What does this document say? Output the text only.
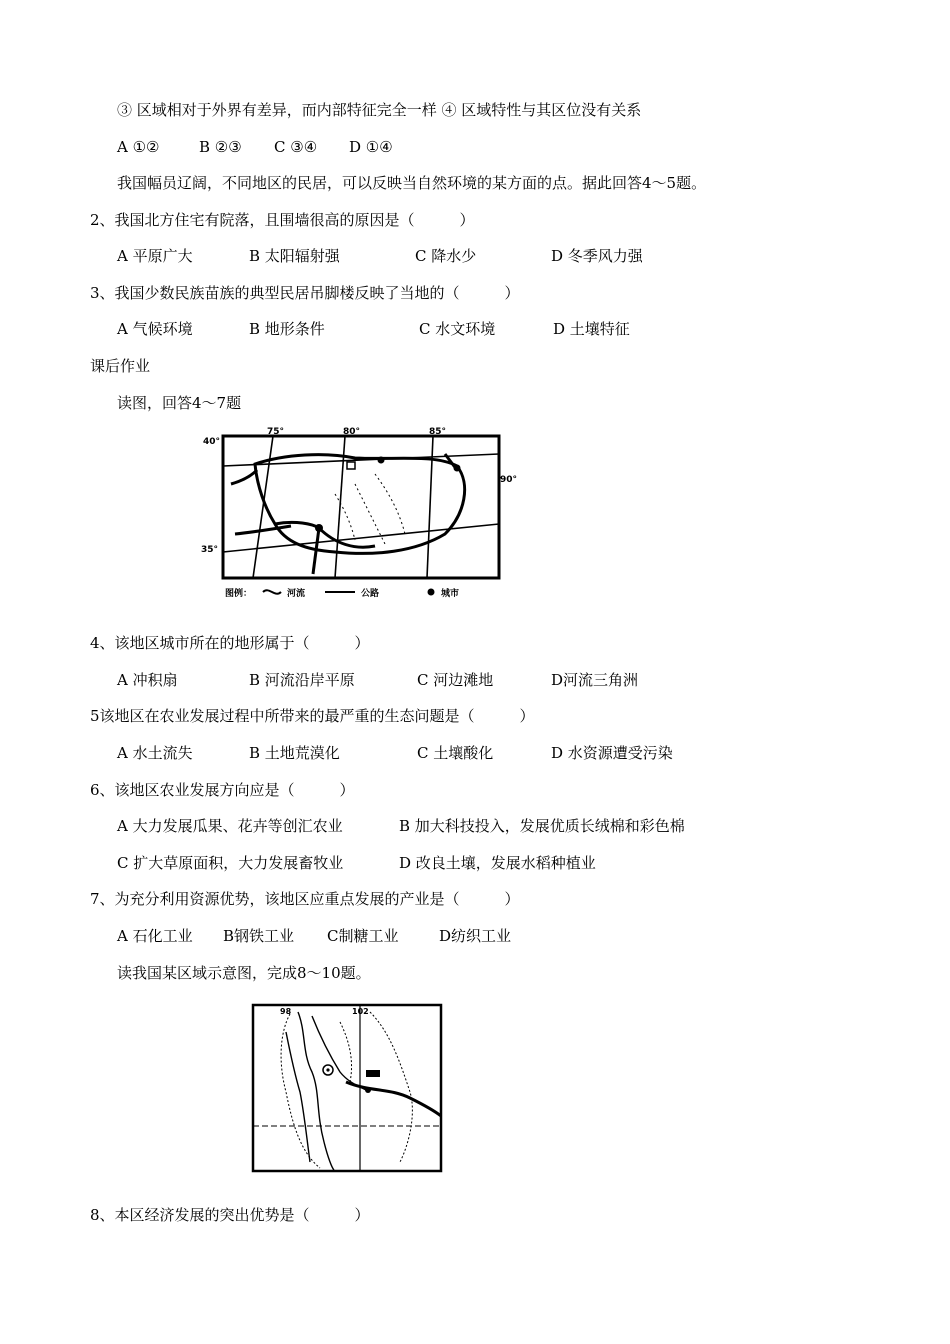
③ 区域相对于外界有差异，而内部特征完全一样 ④ 区域特性与其区位没有关系
A ①②	B ②③ C ③④ D ①④
我国幅员辽阔，不同地区的民居，可以反映当自然环境的某方面的点。据此回答4～5题。
2、我国北方住宅有院落，且围墙很高的原因是（　　　）
A 平原广大	B 太阳辐射强	C 降水少	D 冬季风力强
3、我国少数民族苗族的典型民居吊脚楼反映了当地的（　　　）
A 气候环境	B 地形条件	C 水文环境	D 土壤特征
课后作业
读图，回答4～7题
75°	80°	85°
90°
40°
35°
图例：	河流	公路	城市
4、该地区城市所在的地形属于（　　　）
A 冲积扇	B 河流沿岸平原	C 河边滩地	D河流三角洲
5该地区在农业发展过程中所带来的最严重的生态问题是（　　　）
A 水土流失	B 土地荒漠化	C 土壤酸化	D 水资源遭受污染
6、该地区农业发展方向应是（　　　）
A 大力发展瓜果、花卉等创汇农业	B 加大科技投入，发展优质长绒棉和彩色棉
C 扩大草原面积，大力发展畜牧业	D 改良土壤，发展水稻种植业
7、为充分利用资源优势，该地区应重点发展的产业是（　　　）
A 石化工业 B钢铁工业 C制糖工业	D纺织工业
读我国某区域示意图，完成8～10题。
98	102
8、本区经济发展的突出优势是（　　　）
